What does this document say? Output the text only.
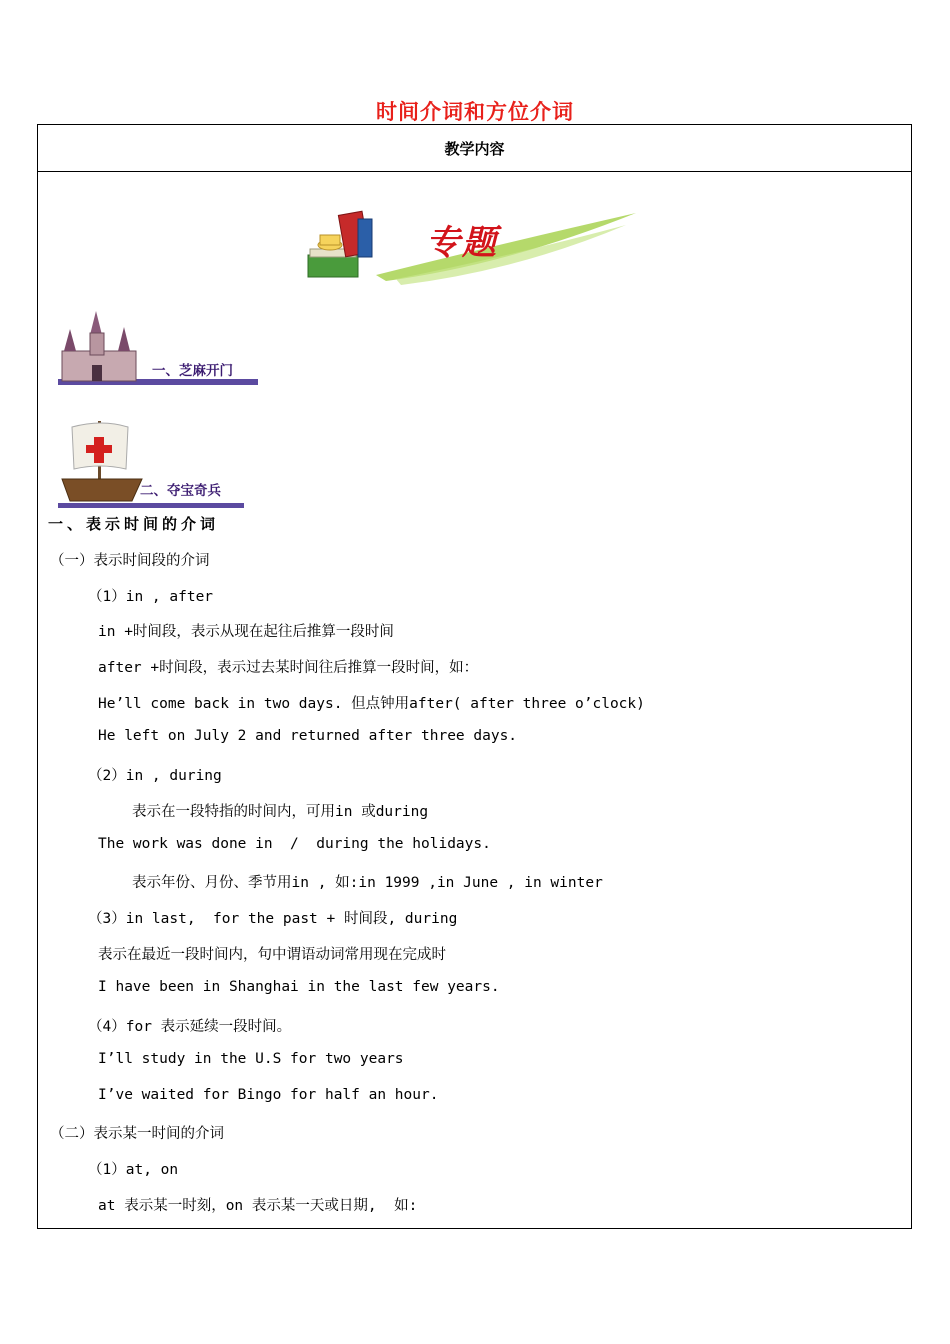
时间介词和方位介词
教学内容
专题
一、芝麻开门
二、夺宝奇兵
一、表示时间的介词
（一）表示时间段的介词
（1）in , after
in +时间段，表示从现在起往后推算一段时间
after +时间段，表示过去某时间往后推算一段时间，如：
He’ll come back in two days. 但点钟用after( after three o’clock)
He left on July 2 and returned after three days.
（2）in , during
表示在一段特指的时间内，可用in 或during
The work was done in  /  during the holidays.
表示年份、月份、季节用in , 如:in 1999 ,in June , in winter
（3）in last,  for the past + 时间段, during
表示在最近一段时间内，句中谓语动词常用现在完成时
I have been in Shanghai in the last few years.
（4）for 表示延续一段时间。
I’ll study in the U.S for two years
I’ve waited for Bingo for half an hour.
（二）表示某一时间的介词
（1）at, on
at 表示某一时刻，on 表示某一天或日期,  如:
